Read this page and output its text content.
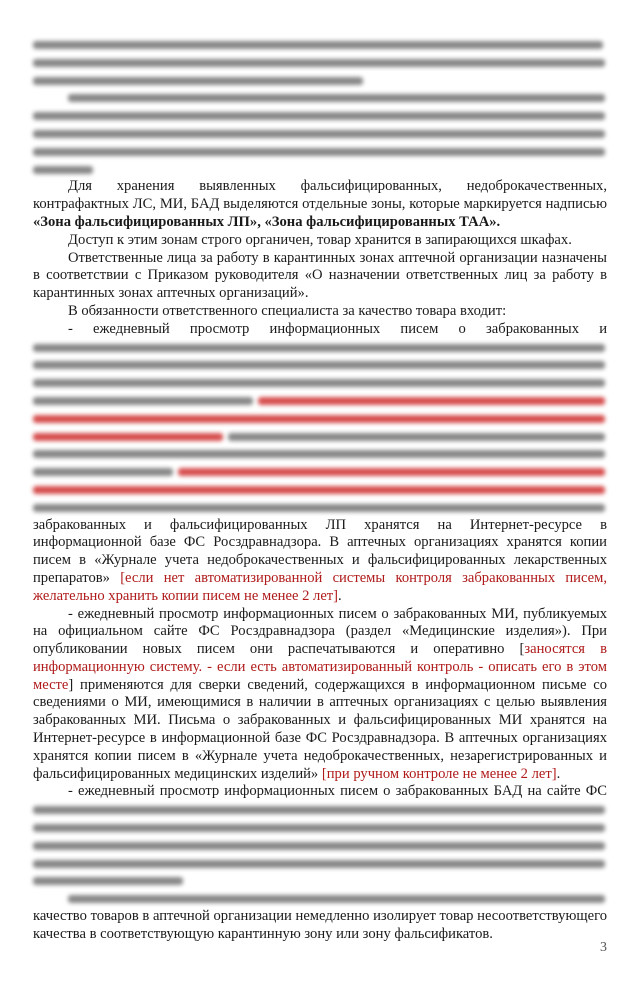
Для хранения выявленных фальсифицированных, недоброкачественных, контрафактных ЛС, МИ, БАД выделяются отдельные зоны, которые маркируется надписью «Зона фальсифицированных ЛП», «Зона фальсифицированных ТАА».

Доступ к этим зонам строго органичен, товар хранится в запирающихся шкафах.

Ответственные лица за работу в карантинных зонах аптечной организации назначены в соответствии с Приказом руководителя «О назначении ответственных лиц за работу в карантинных зонах аптечных организаций».

В обязанности ответственного специалиста за качество товара входит:

- ежедневный просмотр информационных писем о забракованных и

забракованных и фальсифицированных ЛП хранятся на Интернет-ресурсе в информационной базе ФС Росздравнадзора. В аптечных организациях хранятся копии писем в «Журнале учета недоброкачественных и фальсифицированных лекарственных препаратов» [если нет автоматизированной системы контроля забракованных писем, желательно хранить копии писем не менее 2 лет].

- ежедневный просмотр информационных писем о забракованных МИ, публикуемых на официальном сайте ФС Росздравнадзора (раздел «Медицинские изделия»). При опубликовании новых писем они распечатываются и оперативно [заносятся в информационную систему. - если есть автоматизированный контроль - описать его в этом месте] применяются для сверки сведений, содержащихся в информационном письме со сведениями о МИ, имеющимися в наличии в аптечных организациях с целью выявления забракованных МИ. Письма о забракованных и фальсифицированных МИ хранятся на Интернет-ресурсе в информационной базе ФС Росздравнадзора. В аптечных организациях хранятся копии писем в «Журнале учета недоброкачественных, незарегистрированных и фальсифицированных медицинских изделий» [при ручном контроле не менее 2 лет].

- ежедневный просмотр информационных писем о забракованных БАД на сайте ФС

качество товаров в аптечной организации немедленно изолирует товар несоответствующего качества в соответствующую карантинную зону или зону фальсификатов.

3
